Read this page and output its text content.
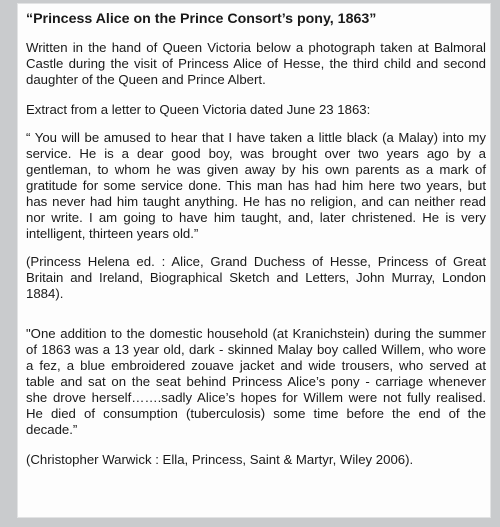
“Princess Alice on the Prince Consort’s pony, 1863”
Written in the hand of Queen Victoria below a photograph taken at Balmoral Castle during the visit of Princess Alice of Hesse, the third child and second daughter of the Queen and Prince Albert.
Extract from a letter to Queen Victoria dated June 23 1863:
“ You will be amused to hear that I have taken a little black (a Malay) into my service. He is a dear good boy, was brought over two years ago by a gentleman, to whom he was given away by his own parents as a mark of gratitude for some service done. This man has had him here two years, but has never had him taught anything. He has no religion, and can neither read nor write. I am going to have him taught, and, later christened. He is very intelligent, thirteen years old.”
(Princess Helena ed. : Alice, Grand Duchess of Hesse, Princess of Great Britain and Ireland, Biographical Sketch and Letters, John Murray, London 1884).
"One addition to the domestic household (at Kranichstein) during the summer of 1863 was a 13 year old, dark - skinned Malay boy called Willem, who wore a fez, a blue embroidered zouave jacket and wide trousers, who served at table and sat on the seat behind Princess Alice’s pony - carriage whenever she drove herself…….sadly Alice’s hopes for Willem were not fully realised. He died of consumption (tuberculosis) some time before the end of the decade.”
(Christopher Warwick : Ella, Princess, Saint & Martyr, Wiley 2006).
